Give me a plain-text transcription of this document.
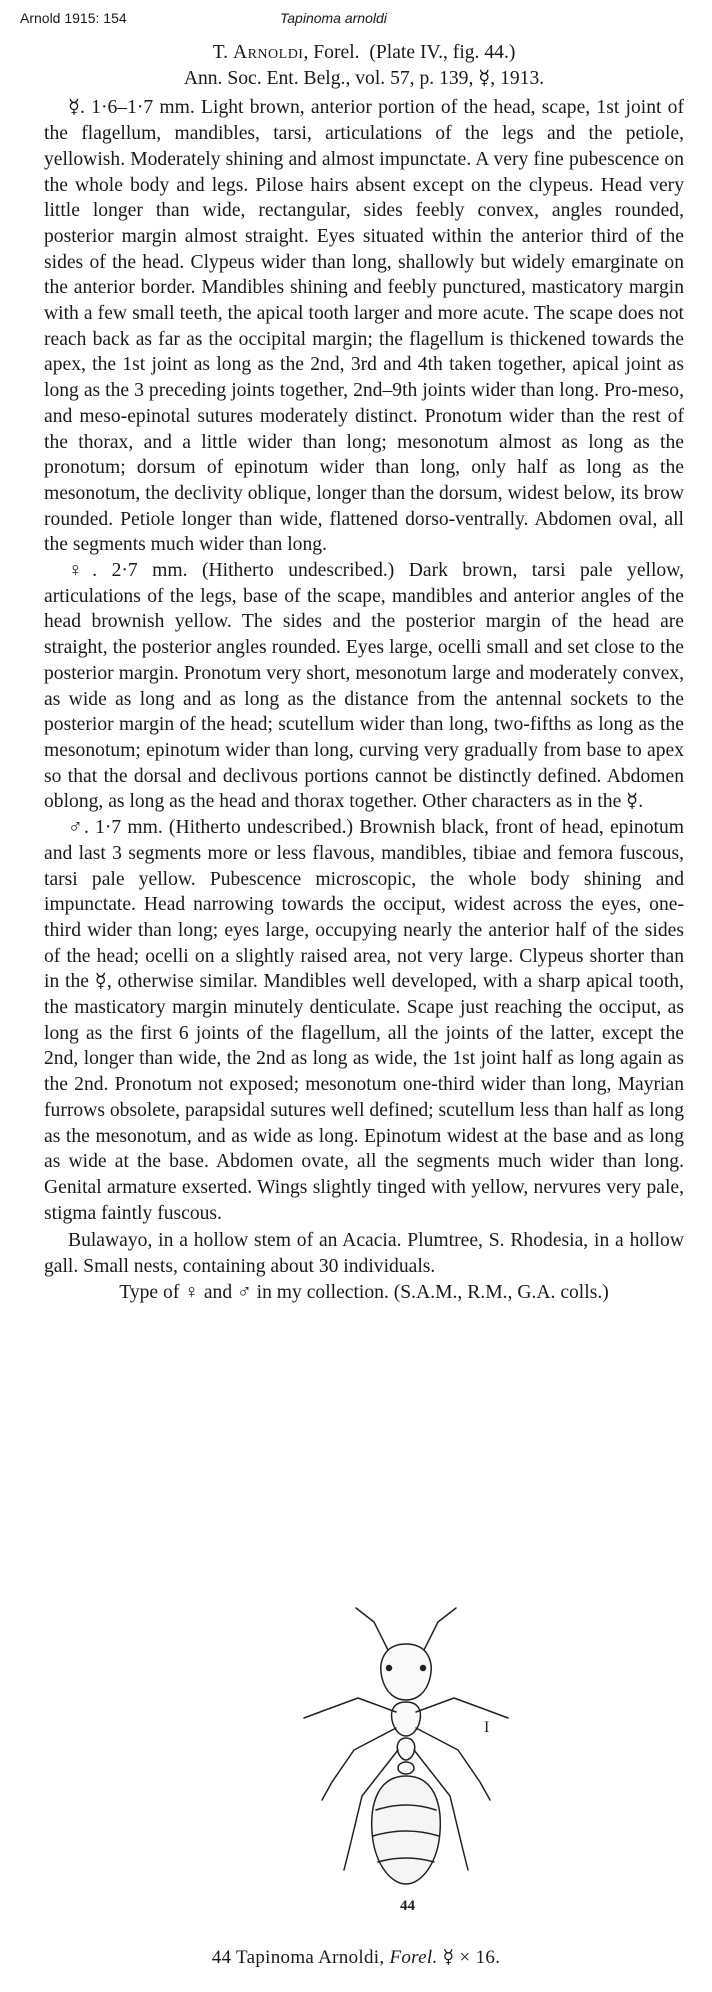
Arnold 1915: 154	Tapinoma arnoldi

T. Arnoldi, Forel. (Plate IV., fig. 44.)

Ann. Soc. Ent. Belg., vol. 57, p. 139, ☿, 1913.

☿. 1·6–1·7 mm. Light brown, anterior portion of the head, scape, 1st joint of the flagellum, mandibles, tarsi, articulations of the legs and the petiole, yellowish. Moderately shining and almost impunctate. A very fine pubescence on the whole body and legs. Pilose hairs absent except on the clypeus. Head very little longer than wide, rectangular, sides feebly convex, angles rounded, posterior margin almost straight. Eyes situated within the anterior third of the sides of the head. Clypeus wider than long, shallowly but widely emarginate on the anterior border. Mandibles shining and feebly punctured, masticatory margin with a few small teeth, the apical tooth larger and more acute. The scape does not reach back as far as the occipital margin; the flagellum is thickened towards the apex, the 1st joint as long as the 2nd, 3rd and 4th taken together, apical joint as long as the 3 preceding joints together, 2nd–9th joints wider than long. Pro-meso, and meso-epinotal sutures moderately distinct. Pronotum wider than the rest of the thorax, and a little wider than long; mesonotum almost as long as the pronotum; dorsum of epinotum wider than long, only half as long as the mesonotum, the declivity oblique, longer than the dorsum, widest below, its brow rounded. Petiole longer than wide, flattened dorso-ventrally. Abdomen oval, all the segments much wider than long.

♀. 2·7 mm. (Hitherto undescribed.) Dark brown, tarsi pale yellow, articulations of the legs, base of the scape, mandibles and anterior angles of the head brownish yellow. The sides and the posterior margin of the head are straight, the posterior angles rounded. Eyes large, ocelli small and set close to the posterior margin. Pronotum very short, mesonotum large and moderately convex, as wide as long and as long as the distance from the antennal sockets to the posterior margin of the head; scutellum wider than long, two-fifths as long as the mesonotum; epinotum wider than long, curving very gradually from base to apex so that the dorsal and declivous portions cannot be distinctly defined. Abdomen oblong, as long as the head and thorax together. Other characters as in the ☿.

♂. 1·7 mm. (Hitherto undescribed.) Brownish black, front of head, epinotum and last 3 segments more or less flavous, mandibles, tibiae and femora fuscous, tarsi pale yellow. Pubescence microscopic, the whole body shining and impunctate. Head narrowing towards the occiput, widest across the eyes, one-third wider than long; eyes large, occupying nearly the anterior half of the sides of the head; ocelli on a slightly raised area, not very large. Clypeus shorter than in the ☿, otherwise similar. Mandibles well developed, with a sharp apical tooth, the masticatory margin minutely denticulate. Scape just reaching the occiput, as long as the first 6 joints of the flagellum, all the joints of the latter, except the 2nd, longer than wide, the 2nd as long as wide, the 1st joint half as long again as the 2nd. Pronotum not exposed; mesonotum one-third wider than long, Mayrian furrows obsolete, parapsidal sutures well defined; scutellum less than half as long as the mesonotum, and as wide as long. Epinotum widest at the base and as long as wide at the base. Abdomen ovate, all the segments much wider than long. Genital armature exserted. Wings slightly tinged with yellow, nervures very pale, stigma faintly fuscous.

Bulawayo, in a hollow stem of an Acacia. Plumtree, S. Rhodesia, in a hollow gall. Small nests, containing about 30 individuals.

Type of ♀ and ♂ in my collection. (S.A.M., R.M., G.A. colls.)

I
44
44 Tapinoma Arnoldi, Forel. ☿ × 16.
